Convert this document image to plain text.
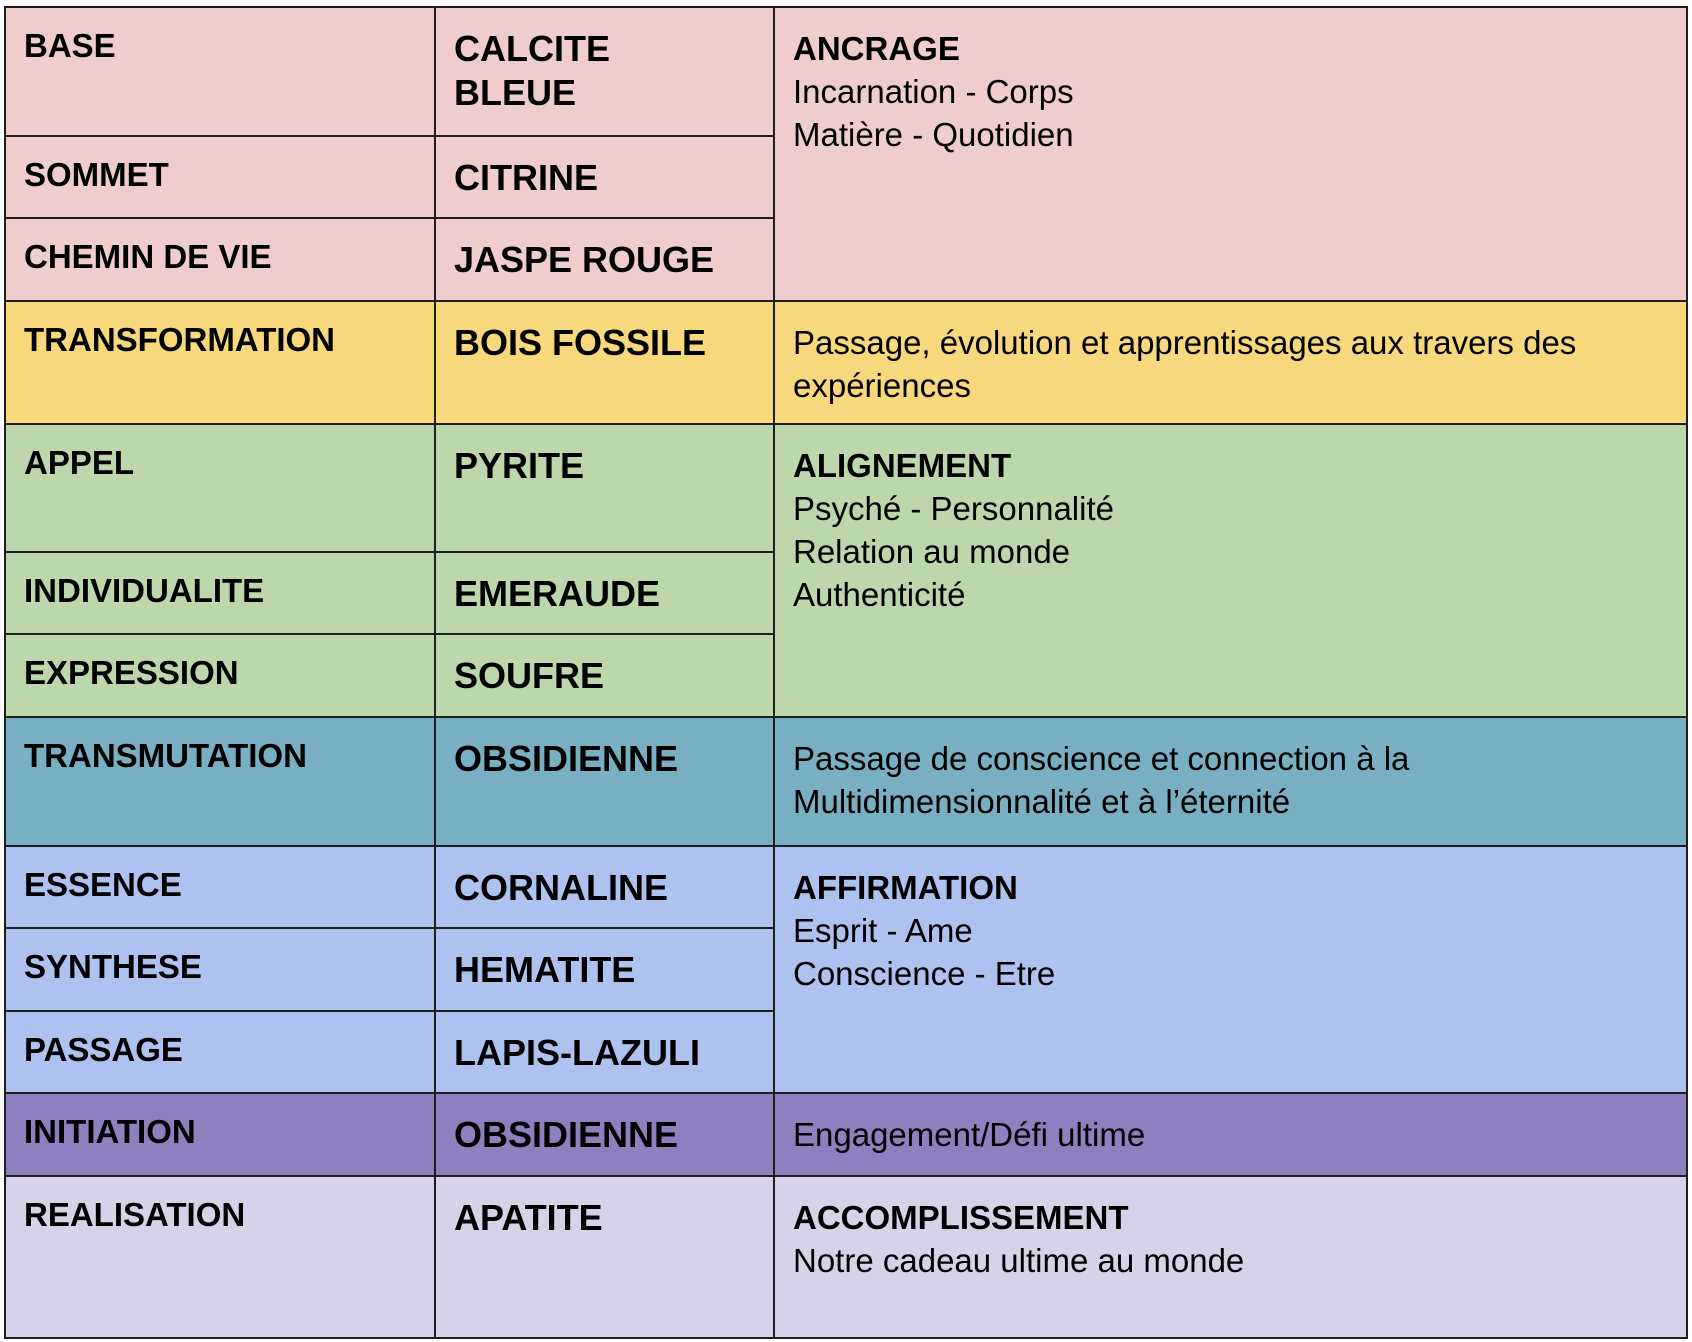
BASE	CALCITE BLEUE	ANCRAGE
Incarnation - Corps
Matière - Quotidien

SOMMET	CITRINE	
CHEMIN DE VIE	JASPE ROUGE	
TRANSFORMATION	BOIS FOSSILE	Passage, évolution et apprentissages aux travers des expériences

APPEL	PYRITE	ALIGNEMENT
Psyché - Personnalité
Relation au monde
Authenticité

INDIVIDUALITE	EMERAUDE	
EXPRESSION	SOUFRE	
TRANSMUTATION	OBSIDIENNE	Passage de conscience et connection à la Multidimensionnalité et à l’éternité

ESSENCE	CORNALINE	AFFIRMATION
Esprit - Ame
Conscience - Etre

SYNTHESE	HEMATITE	
PASSAGE	LAPIS-LAZULI	
INITIATION	OBSIDIENNE	Engagement/Défi ultime

REALISATION	APATITE	ACCOMPLISSEMENT
Notre cadeau ultime au monde
